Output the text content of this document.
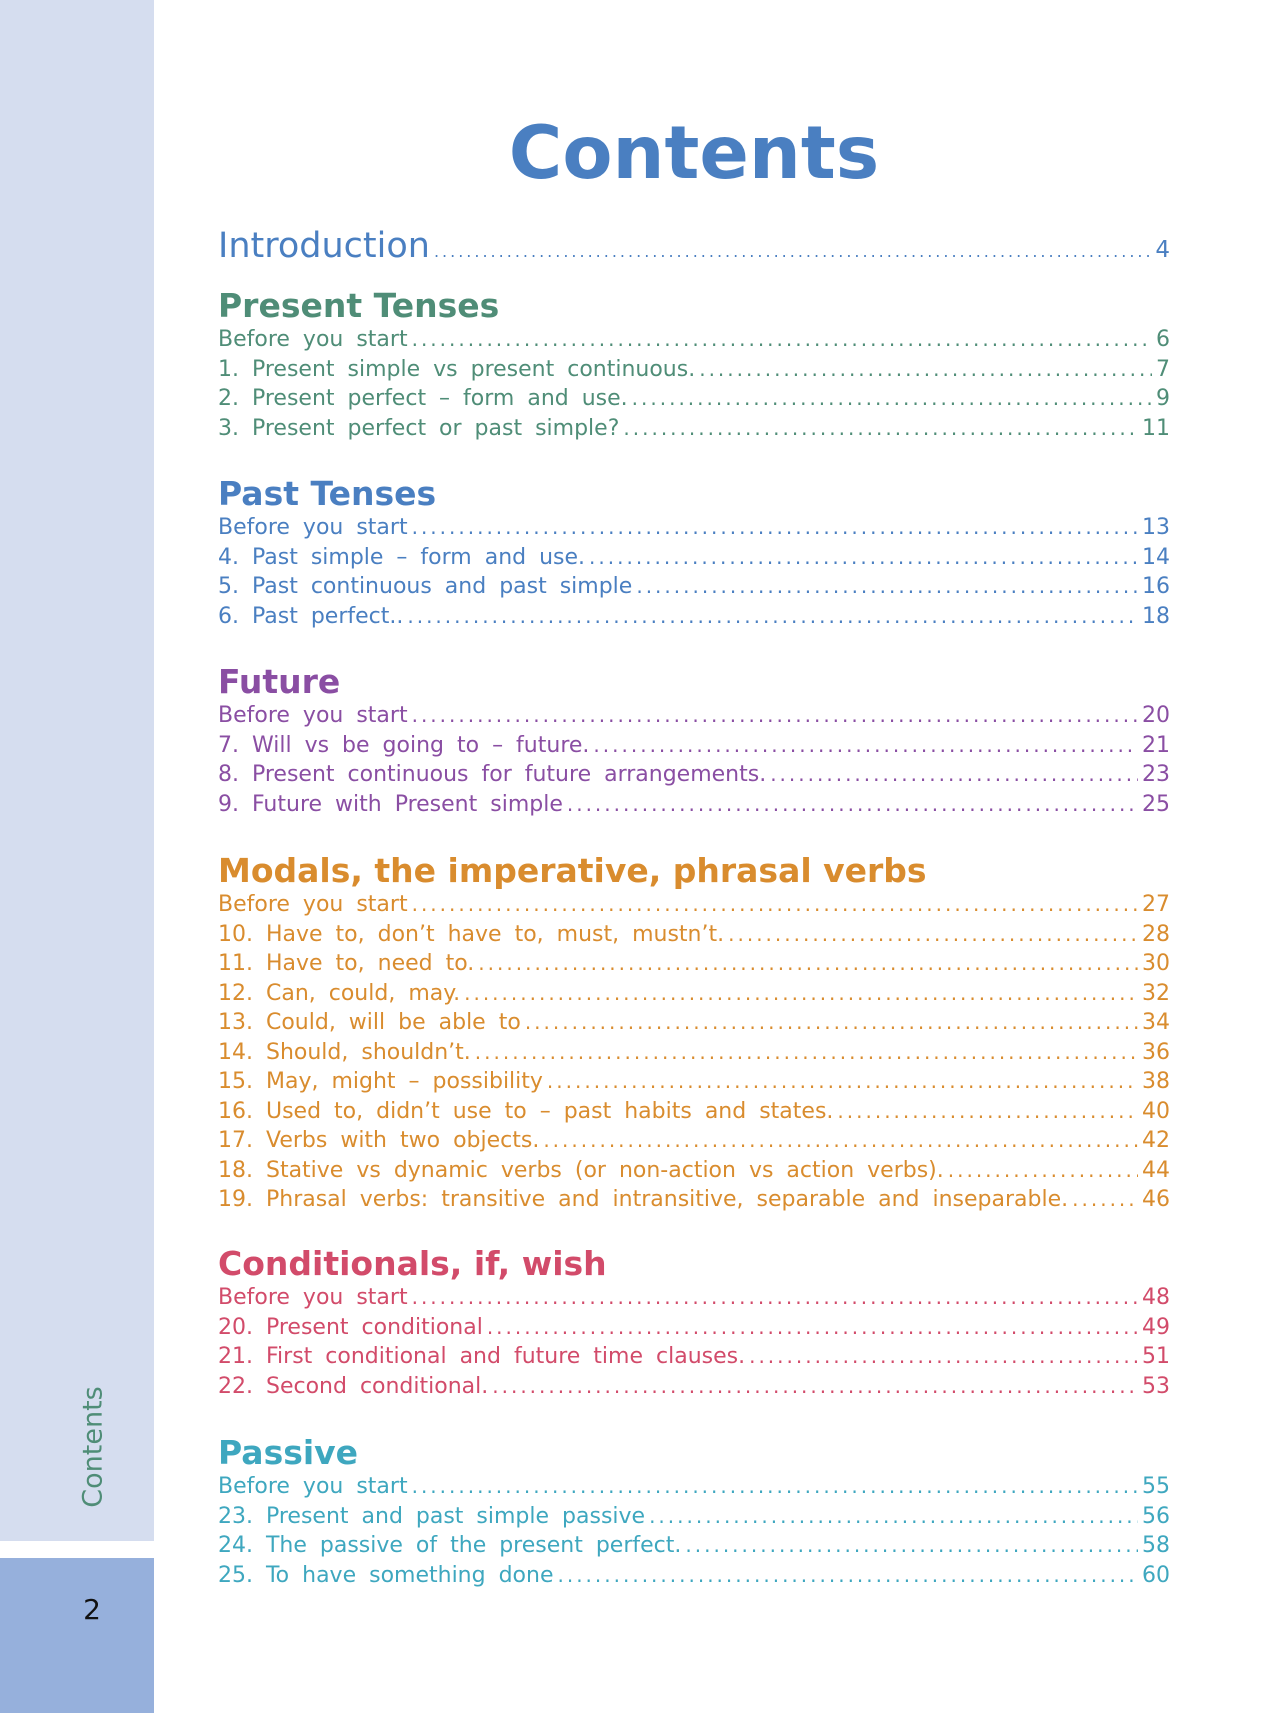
Contents
2
Contents
Introduction .....	4
Present Tenses
Before you start .....	6
1. Present simple vs present continuous. .....	7
2. Present perfect – form and use. .....	9
3. Present perfect or past simple? .....	11
Past Tenses
Before you start .....	13
4. Past simple – form and use. .....	14
5. Past continuous and past simple .....	16
6. Past perfect.. .....	18
Future
Before you start .....	20
7. Will vs be going to – future. .....	21
8. Present continuous for future arrangements. .....	23
9. Future with Present simple .....	25
Modals, the imperative, phrasal verbs
Before you start .....	27
10. Have to, don’t have to, must, mustn’t. .....	28
11. Have to, need to. .....	30
12. Can, could, may. .....	32
13. Could, will be able to .....	34
14. Should, shouldn’t. .....	36
15. May, might – possibility .....	38
16. Used to, didn’t use to – past habits and states. .....	40
17. Verbs with two objects. .....	42
18. Stative vs dynamic verbs (or non-action vs action verbs). .....	44
19. Phrasal verbs: transitive and intransitive, separable and inseparable. .....	46
Conditionals, if, wish
Before you start .....	48
20. Present conditional .....	49
21. First conditional and future time clauses. .....	51
22. Second conditional. .....	53
Passive
Before you start .....	55
23. Present and past simple passive .....	56
24. The passive of the present perfect. .....	58
25. To have something done .....	60
